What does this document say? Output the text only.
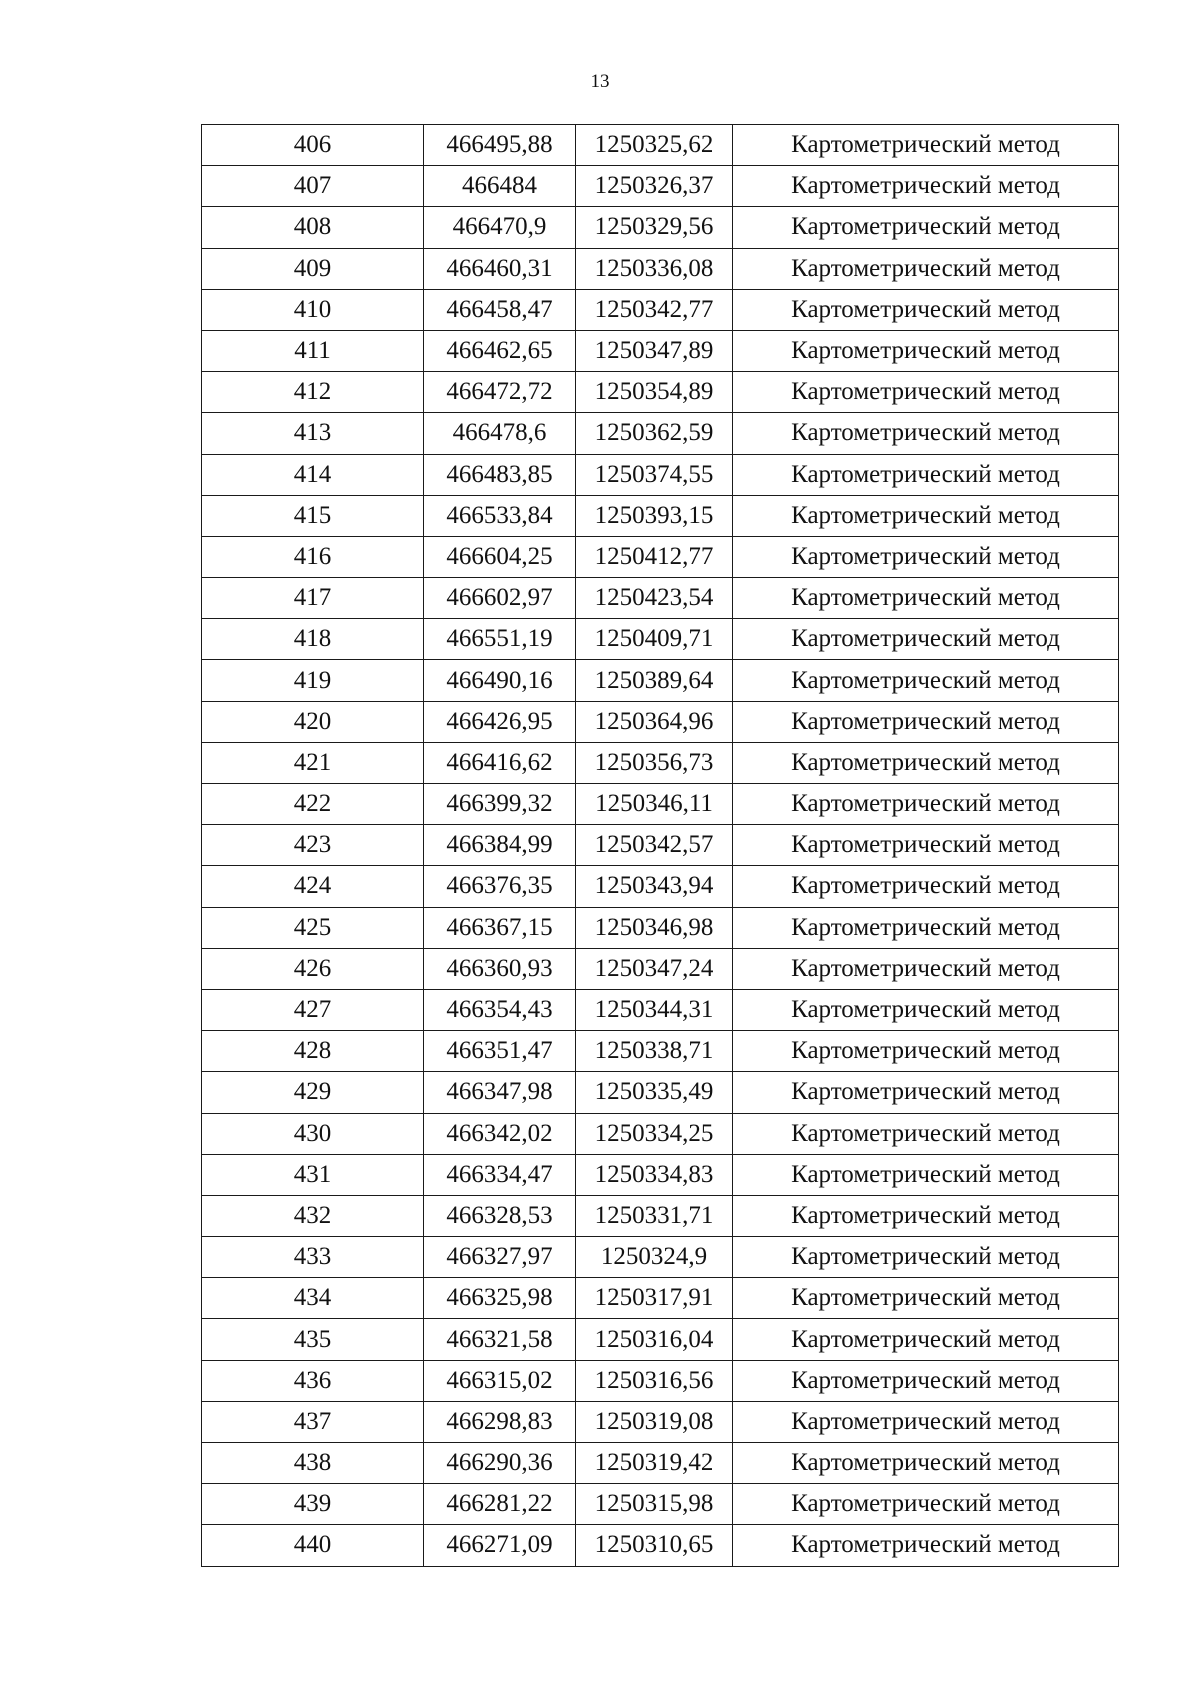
13
406	466495,88	1250325,62	Картометрический метод
407	466484	1250326,37	Картометрический метод
408	466470,9	1250329,56	Картометрический метод
409	466460,31	1250336,08	Картометрический метод
410	466458,47	1250342,77	Картометрический метод
411	466462,65	1250347,89	Картометрический метод
412	466472,72	1250354,89	Картометрический метод
413	466478,6	1250362,59	Картометрический метод
414	466483,85	1250374,55	Картометрический метод
415	466533,84	1250393,15	Картометрический метод
416	466604,25	1250412,77	Картометрический метод
417	466602,97	1250423,54	Картометрический метод
418	466551,19	1250409,71	Картометрический метод
419	466490,16	1250389,64	Картометрический метод
420	466426,95	1250364,96	Картометрический метод
421	466416,62	1250356,73	Картометрический метод
422	466399,32	1250346,11	Картометрический метод
423	466384,99	1250342,57	Картометрический метод
424	466376,35	1250343,94	Картометрический метод
425	466367,15	1250346,98	Картометрический метод
426	466360,93	1250347,24	Картометрический метод
427	466354,43	1250344,31	Картометрический метод
428	466351,47	1250338,71	Картометрический метод
429	466347,98	1250335,49	Картометрический метод
430	466342,02	1250334,25	Картометрический метод
431	466334,47	1250334,83	Картометрический метод
432	466328,53	1250331,71	Картометрический метод
433	466327,97	1250324,9	Картометрический метод
434	466325,98	1250317,91	Картометрический метод
435	466321,58	1250316,04	Картометрический метод
436	466315,02	1250316,56	Картометрический метод
437	466298,83	1250319,08	Картометрический метод
438	466290,36	1250319,42	Картометрический метод
439	466281,22	1250315,98	Картометрический метод
440	466271,09	1250310,65	Картометрический метод
